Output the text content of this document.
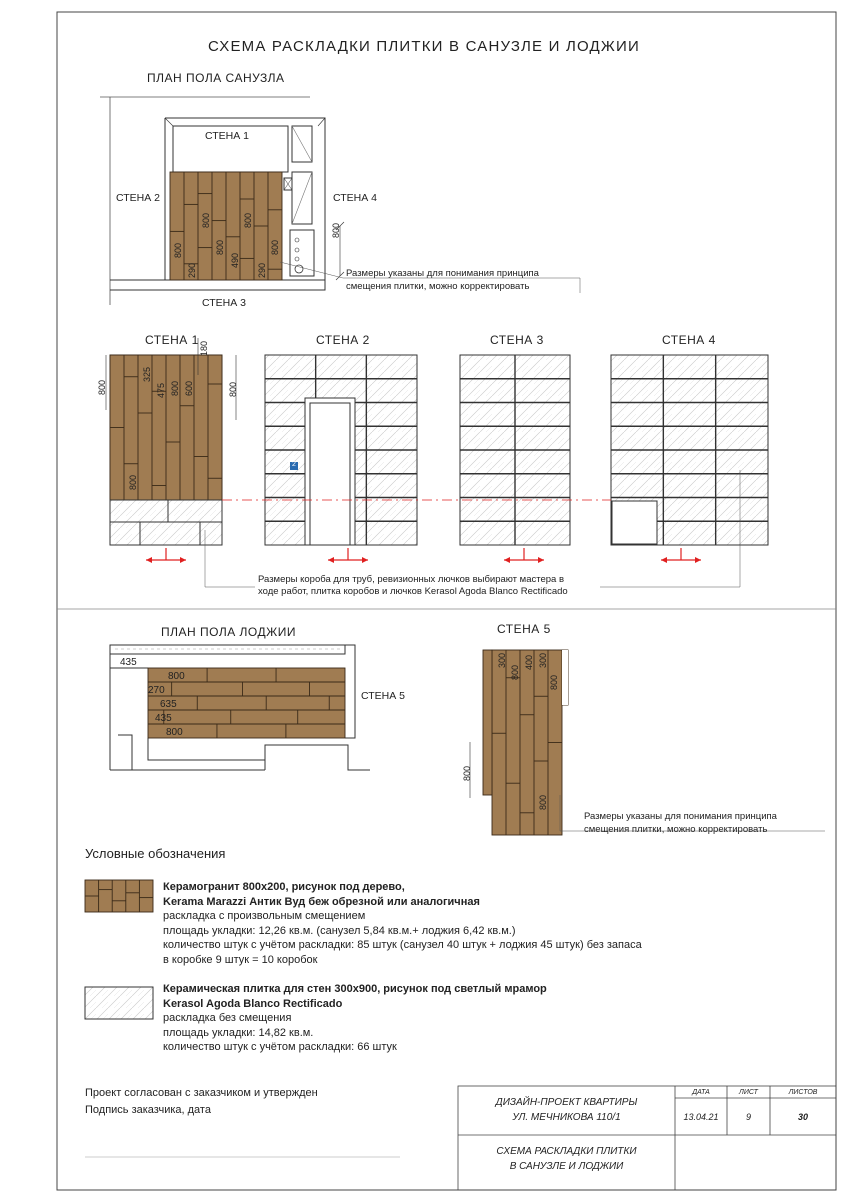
СХЕМА РАСКЛАДКИ ПЛИТКИ В САНУЗЛЕ И ЛОДЖИИ
ПЛАН ПОЛА САНУЗЛА
СТЕНА 1
СТЕНА 2
СТЕНА 3
СТЕНА 4
800
Размеры указаны для понимания принципа
смещения плитки, можно корректировать
800
800
290
490
290
800
800
800
СТЕНА 1	СТЕНА 2	СТЕНА 3	СТЕНА 4
800	800
2
325
475 800 600
800
180
Размеры короба для труб, ревизионных лючков выбирают мастера в
ходе работ, плитка коробов и лючков Kerasol Agoda Blanco Rectificado
ПЛАН ПОЛА ЛОДЖИИ
СТЕНА 5
435
800
270
635
435
800
СТЕНА 5
800
300
800
400 300
800
800
Размеры указаны для понимания принципа
смещения плитки, можно корректировать
Условные обозначения
Керамогранит 800х200, рисунок под дерево,
Kerama Marazzi Антик Вуд беж обрезной или аналогичная
раскладка с произвольным смещением
площадь укладки: 12,26 кв.м. (санузел 5,84 кв.м.+ лоджия 6,42 кв.м.)
количество штук с учётом раскладки: 85 штук (санузел 40 штук + лоджия 45 штук) без запаса
в коробке 9 штук = 10 коробок
Керамическая плитка для стен 300х900, рисунок под светлый мрамор
Kerasol Agoda Blanco Rectificado
раскладка без смещения
площадь укладки: 14,82 кв.м.
количество штук с учётом раскладки: 66 штук
Проект согласован с заказчиком и утвержден
Подпись заказчика, дата
ДИЗАЙН-ПРОЕКТ КВАРТИРЫ
УЛ. МЕЧНИКОВА 110/1
ДАТА	ЛИСТ	ЛИСТОВ
13.04.21	9	30
СХЕМА РАСКЛАДКИ ПЛИТКИ
В САНУЗЛЕ И ЛОДЖИИ
